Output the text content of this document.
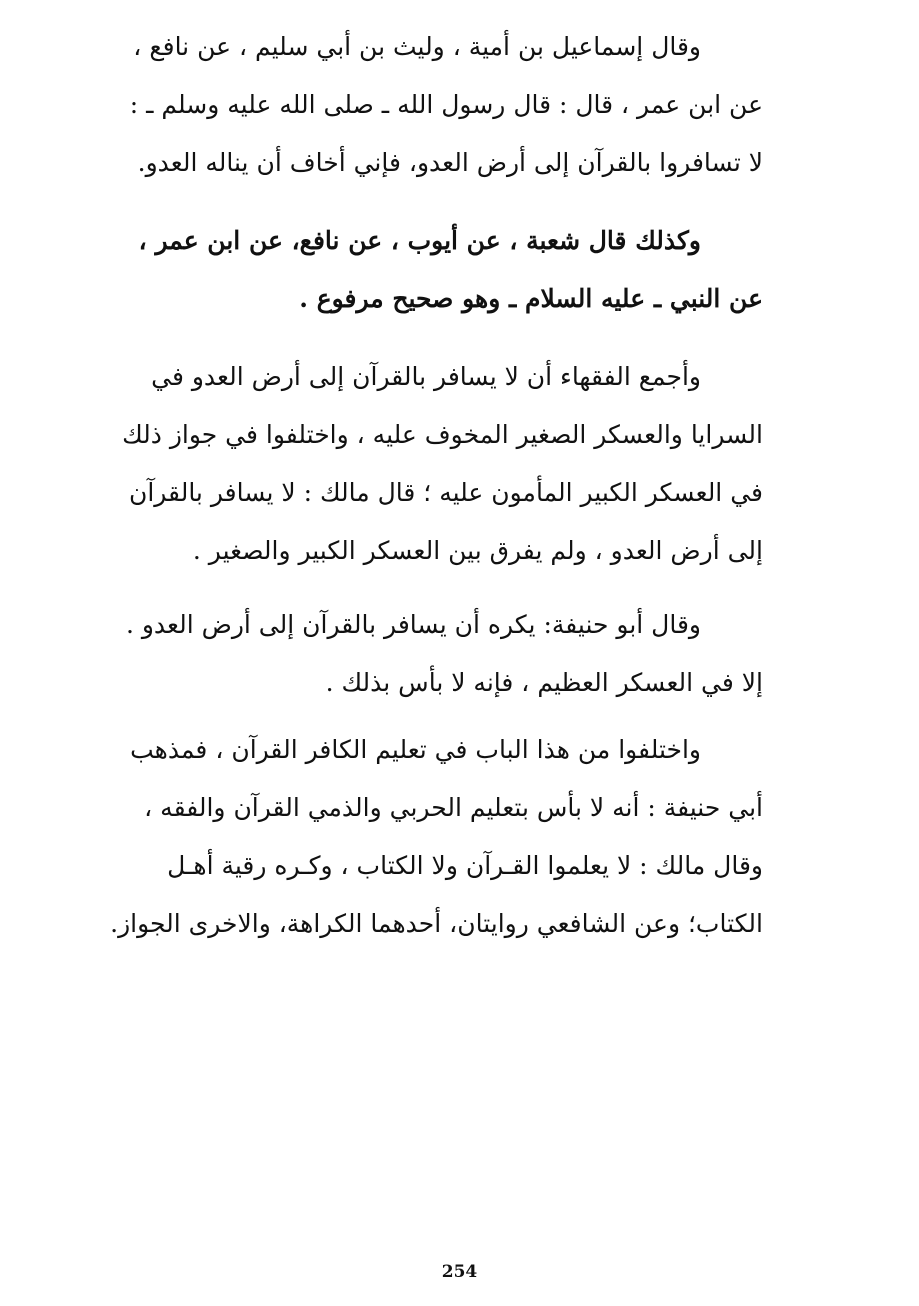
وقال إسماعيل بن أمية ، وليث بن أبي سليم ، عن نافع ،
عن ابن عمر ، قال : قال رسول الله ـ صلى الله عليه وسلم ـ :
لا تسافروا بالقرآن إلى أرض العدو، فإني أخاف أن يناله العدو.
وكذلك قال شعبة ، عن أيوب ، عن نافع، عن ابن عمر ،
عن النبي ـ عليه السلام ـ وهو صحيح مرفوع .
وأجمع الفقهاء أن لا يسافر بالقرآن إلى أرض العدو في
السرايا والعسكر الصغير المخوف عليه ، واختلفوا في جواز ذلك
في العسكر الكبير المأمون عليه ؛ قال مالك : لا يسافر بالقرآن
إلى أرض العدو ، ولم يفرق بين العسكر الكبير والصغير .
وقال أبو حنيفة: يكره أن يسافر بالقرآن إلى أرض العدو .
إلا في العسكر العظيم ، فإنه لا بأس بذلك .
واختلفوا من هذا الباب في تعليم الكافر القرآن ، فمذهب
أبي حنيفة : أنه لا بأس بتعليم الحربي والذمي القرآن والفقه ،
وقال مالك : لا يعلموا القـرآن ولا الكتاب ، وكـره رقية أهـل
الكتاب؛ وعن الشافعي روايتان، أحدهما الكراهة، والاخرى الجواز.
254
